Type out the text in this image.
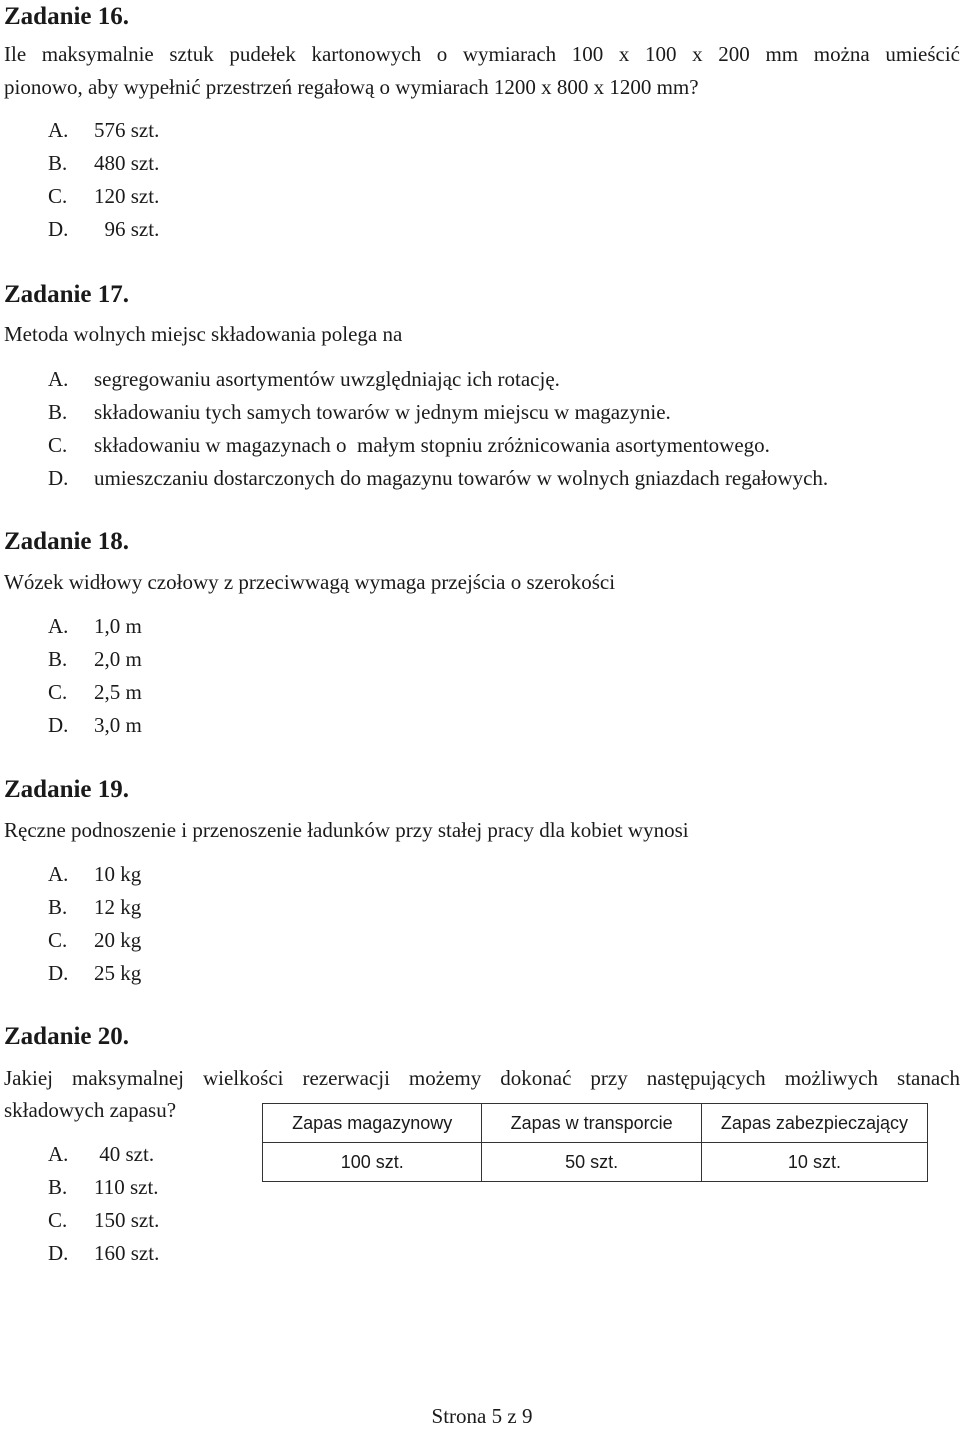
Zadanie 16.

Ile maksymalnie sztuk pudełek kartonowych o wymiarach 100 x 100 x 200 mm można umieścić

pionowo, aby wypełnić przestrzeń regałową o wymiarach 1200 x 800 x 1200 mm?

A. 576 szt.
B. 480 szt.
C. 120 szt.
D.  96 szt.
Zadanie 17.

Metoda wolnych miejsc składowania polega na

A. segregowaniu asortymentów uwzględniając ich rotację.
B. składowaniu tych samych towarów w jednym miejscu w magazynie.
C. składowaniu w magazynach o  małym stopniu zróżnicowania asortymentowego.
D. umieszczaniu dostarczonych do magazynu towarów w wolnych gniazdach regałowych.
Zadanie 18.

Wózek widłowy czołowy z przeciwwagą wymaga przejścia o szerokości

A. 1,0 m
B. 2,0 m
C. 2,5 m
D. 3,0 m
Zadanie 19.

Ręczne podnoszenie i przenoszenie ładunków przy stałej pracy dla kobiet wynosi

A. 10 kg
B. 12 kg
C. 20 kg
D. 25 kg
Zadanie 20.

Jakiej maksymalnej wielkości rezerwacji możemy dokonać przy następujących możliwych stanach

składowych zapasu?

A. 40 szt.
B. 110 szt.
C. 150 szt.
D. 160 szt.
Zapas magazynowy	Zapas w transporcie	Zapas zabezpieczający
100 szt.	50 szt.	10 szt.
Strona 5 z 9
